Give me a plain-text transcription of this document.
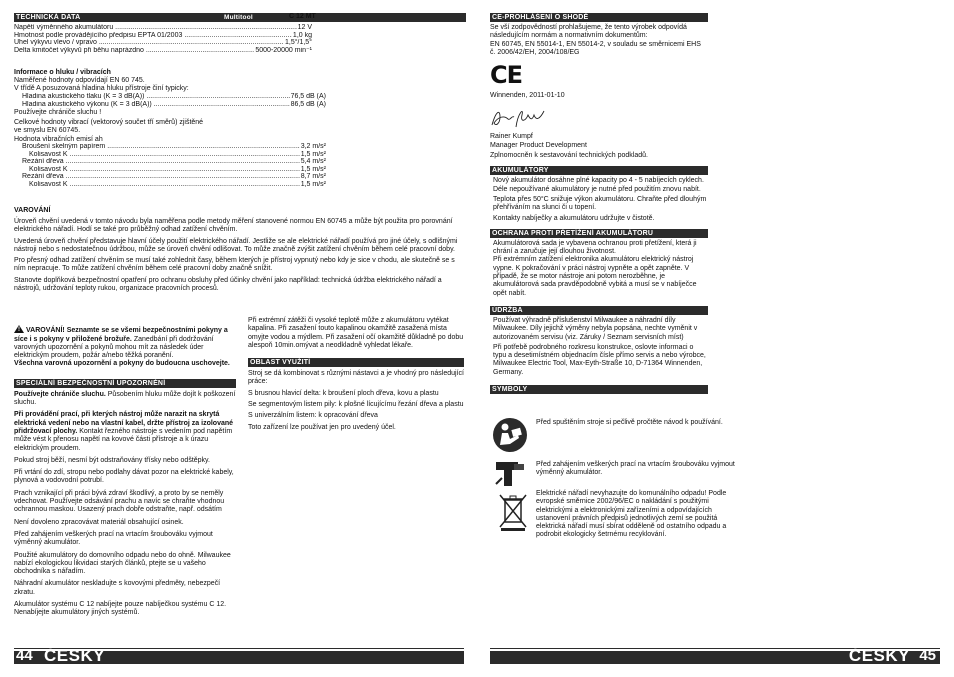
TECHNICKÁ DATA	Multitool	C 12 MT
Napětí výměnného akumulátoru .....	12 V
Hmotnost podle provádějícího předpisu EPTA 01/2003 .....	1,0 kg
Úhel výkyvu vlevo / vpravo .....	1,5°/1,5°
Delta kmitočet výkyvů při běhu naprázdno .....	5000-20000 min⁻¹
Informace o hluku / vibracích
Naměřené hodnoty odpovídají EN 60 745.
V třídě A posuzovaná hladina hluku přístroje činí typicky:
Hladina akustického tlaku (K = 3 dB(A)) .....	76,5 dB (A)
Hladina akustického výkonu (K = 3 dB(A)) .....	86,5 dB (A)
Používejte chrániče sluchu !
Celkové hodnoty vibrací (vektorový součet tří směrů) zjištěné
ve smyslu EN 60745.
Hodnota vibračních emisí ah
Broušení skelným papírem .....	3,2 m/s²
Kolisavost K .....	1,5 m/s²
Řezání dřeva .....	5,4 m/s²
Kolisavost K .....	1,5 m/s²
Řezání dřeva .....	8,7 m/s²
Kolisavost K .....	1,5 m/s²
VAROVÁNÍ
Úroveň chvění uvedená v tomto návodu byla naměřena podle metody měření stanovené normou EN 60745 a může být použita pro porovnání elektrického nářadí. Hodí se také pro průběžný odhad zatížení chvěním.
Uvedená úroveň chvění představuje hlavní účely použití elektrického nářadí. Jestliže se ale elektrické nářadí používá pro jiné účely, s odlišnými nástroji nebo s nedostatečnou údržbou, může se úroveň chvění odlišovat. To může značně zvýšit zatížení chvěním během celé pracovní doby.
Pro přesný odhad zatížení chvěním se musí také zohlednit časy, během kterých je přístroj vypnutý nebo kdy je sice v chodu, ale skutečně se s ním nepracuje. To může zatížení chvěním během celé pracovní doby značně snížit.
Stanovte doplňková bezpečnostní opatření pro ochranu obsluhy před účinky chvění jako například: technická údržba elektrického nářadí a nástrojů, udržování teploty rukou, organizace pracovních procesů.

! VAROVÁNÍ! Seznamte se se všemi bezpečnostními pokyny a síce i s pokyny v přiložené brožuře. Zanedbání při dodržování varovných upozornění a pokynů mohou mít za následek úder elektrickým proudem, požár a/nebo těžká poranění.

Všechna varovná upozornění a pokyny do budoucna uschovejte.
SPECIÁLNÍ BEZPEČNOSTNÍ UPOZORNĚNÍ
Používejte chrániče sluchu. Působením hluku může dojít k poškození sluchu.
Při provádění prací, při kterých nástroj může narazit na skrytá elektrická vedení nebo na vlastní kabel, držte přístroj za izolované přidržovací plochy. Kontakt řezného nástroje s vedením pod napětím může vést k přenosu napětí na kovové části přístroje a k úrazu elektrickým proudem.
Pokud stroj běží, nesmí být odstraňovány třísky nebo odštěpky.
Při vrtání do zdí, stropu nebo podlahy dávat pozor na elektrické kabely, plynová a vodovodní potrubí.
Prach vznikající při práci bývá zdraví škodlivý, a proto by se neměly vdechovat. Používejte odsávání prachu a navíc se chraňte vhodnou ochrannou maskou. Usazený prach dobře odstraňte, např. odsátím
Není dovoleno zpracovávat materiál obsahující osinek.
Před zahájením veškerých prací na vrtacím šroubováku vyjmout výměnný akumulátor.
Použité akumulátory do domovního odpadu nebo do ohně. Milwaukee nabízí ekologickou likvidaci starých článků, ptejte se u vašeho obchodníka s nářadím.
Náhradní akumulátor neskladujte s kovovými předměty, nebezpečí zkratu.
Akumulátor systému C 12 nabíjejte pouze nabíječkou systému C 12. Nenabíjejte akumulátory jiných systémů.
Při extrémní zátěži či vysoké teplotě může z akumulátoru vytékat kapalina. Při zasažení touto kapalinou okamžitě zasažená místa omyjte vodou a mýdlem. Při zasažení očí okamžitě důkladně po dobu alespoň 10min.omývat a neodkladně vyhledat lékaře.
OBLAST VYUŽITÍ
Stroj se dá kombinovat s různými nástavci a je vhodný pro následující práce:
S brusnou hlavicí delta: k broušení ploch dřeva, kovu a plastu
Se segmentovým listem pily: k plošné lícujícímu řezání dřeva a plastu
S univerzálním listem: k opracování dřeva
Toto zařízení lze používat jen pro uvedený účel.
44 ČESKY
CE-PROHLÁŠENÍ O SHODĚ
Se vší zodpovědností prohlašujeme, že tento výrobek odpovídá následujícím normám a normativním dokumentům:
EN 60745, EN 55014-1, EN 55014-2, v souladu se směrnicemi EHS č. 2006/42/EH, 2004/108/EG
CE
Winnenden, 2011-01-10
Rainer Kumpf
Manager Product Development
Zplnomocněn k sestavování technických podkladů.
AKUMULÁTORY
Nový akumulátor dosáhne plné kapacity po 4 - 5 nabíjecích cyklech. Déle nepoužívané akumulátory je nutné před použitím znovu nabít.
Teplota přes 50°C snižuje výkon akumulátoru. Chraňte před dlouhým přehříváním na slunci či u topení.
Kontakty nabíječky a akumulátoru udržujte v čistotě.
OCHRANA PROTI PŘETÍŽENÍ AKUMULÁTORU
Akumulátorová sada je vybavena ochranou proti přetížení, která ji chrání a zaručuje její dlouhou životnost.
Při extrémním zatížení elektronika akumulátoru elektrický nástroj vypne. K pokračování v práci nástroj vypněte a opět zapněte. V případě, že se motor nástroje ani potom nerozběhne, je akumulátorová sada pravděpodobně vybitá a musí se v nabíječce opět nabít.
ÚDRŽBA
Používat výhradně příslušenství Milwaukee a náhradní díly Milwaukee. Díly jejichž výměny nebyla popsána, nechte vyměnit v autorizovaném servisu (viz. Záruky / Seznam servisních míst)
Při potřebě podrobného rozkresu konstrukce, oslovte informaci o typu a desetimístném objednacím čísle přímo servis a nebo výrobce, Milwaukee Electric Tool, Max-Eyth-Straße 10, D-71364 Winnenden, Germany.
SYMBOLY
Před spuštěním stroje si pečlivě pročtěte návod k používání.
Před zahájením veškerých prací na vrtacím šroubováku vyjmout výměnný akumulátor.
Elektrické nářadí nevyhazujte do komunálního odpadu! Podle evropské směrnice 2002/96/EC o nakládání s použitými elektrickými a elektronickými zařízeními a odpovídajících ustanovení právních předpisů jednotlivých zemí se použitá elektrická nářadí musí sbírat odděleně od ostatního odpadu a podrobit ekologicky šetrnému recyklování.
ČESKY 45
